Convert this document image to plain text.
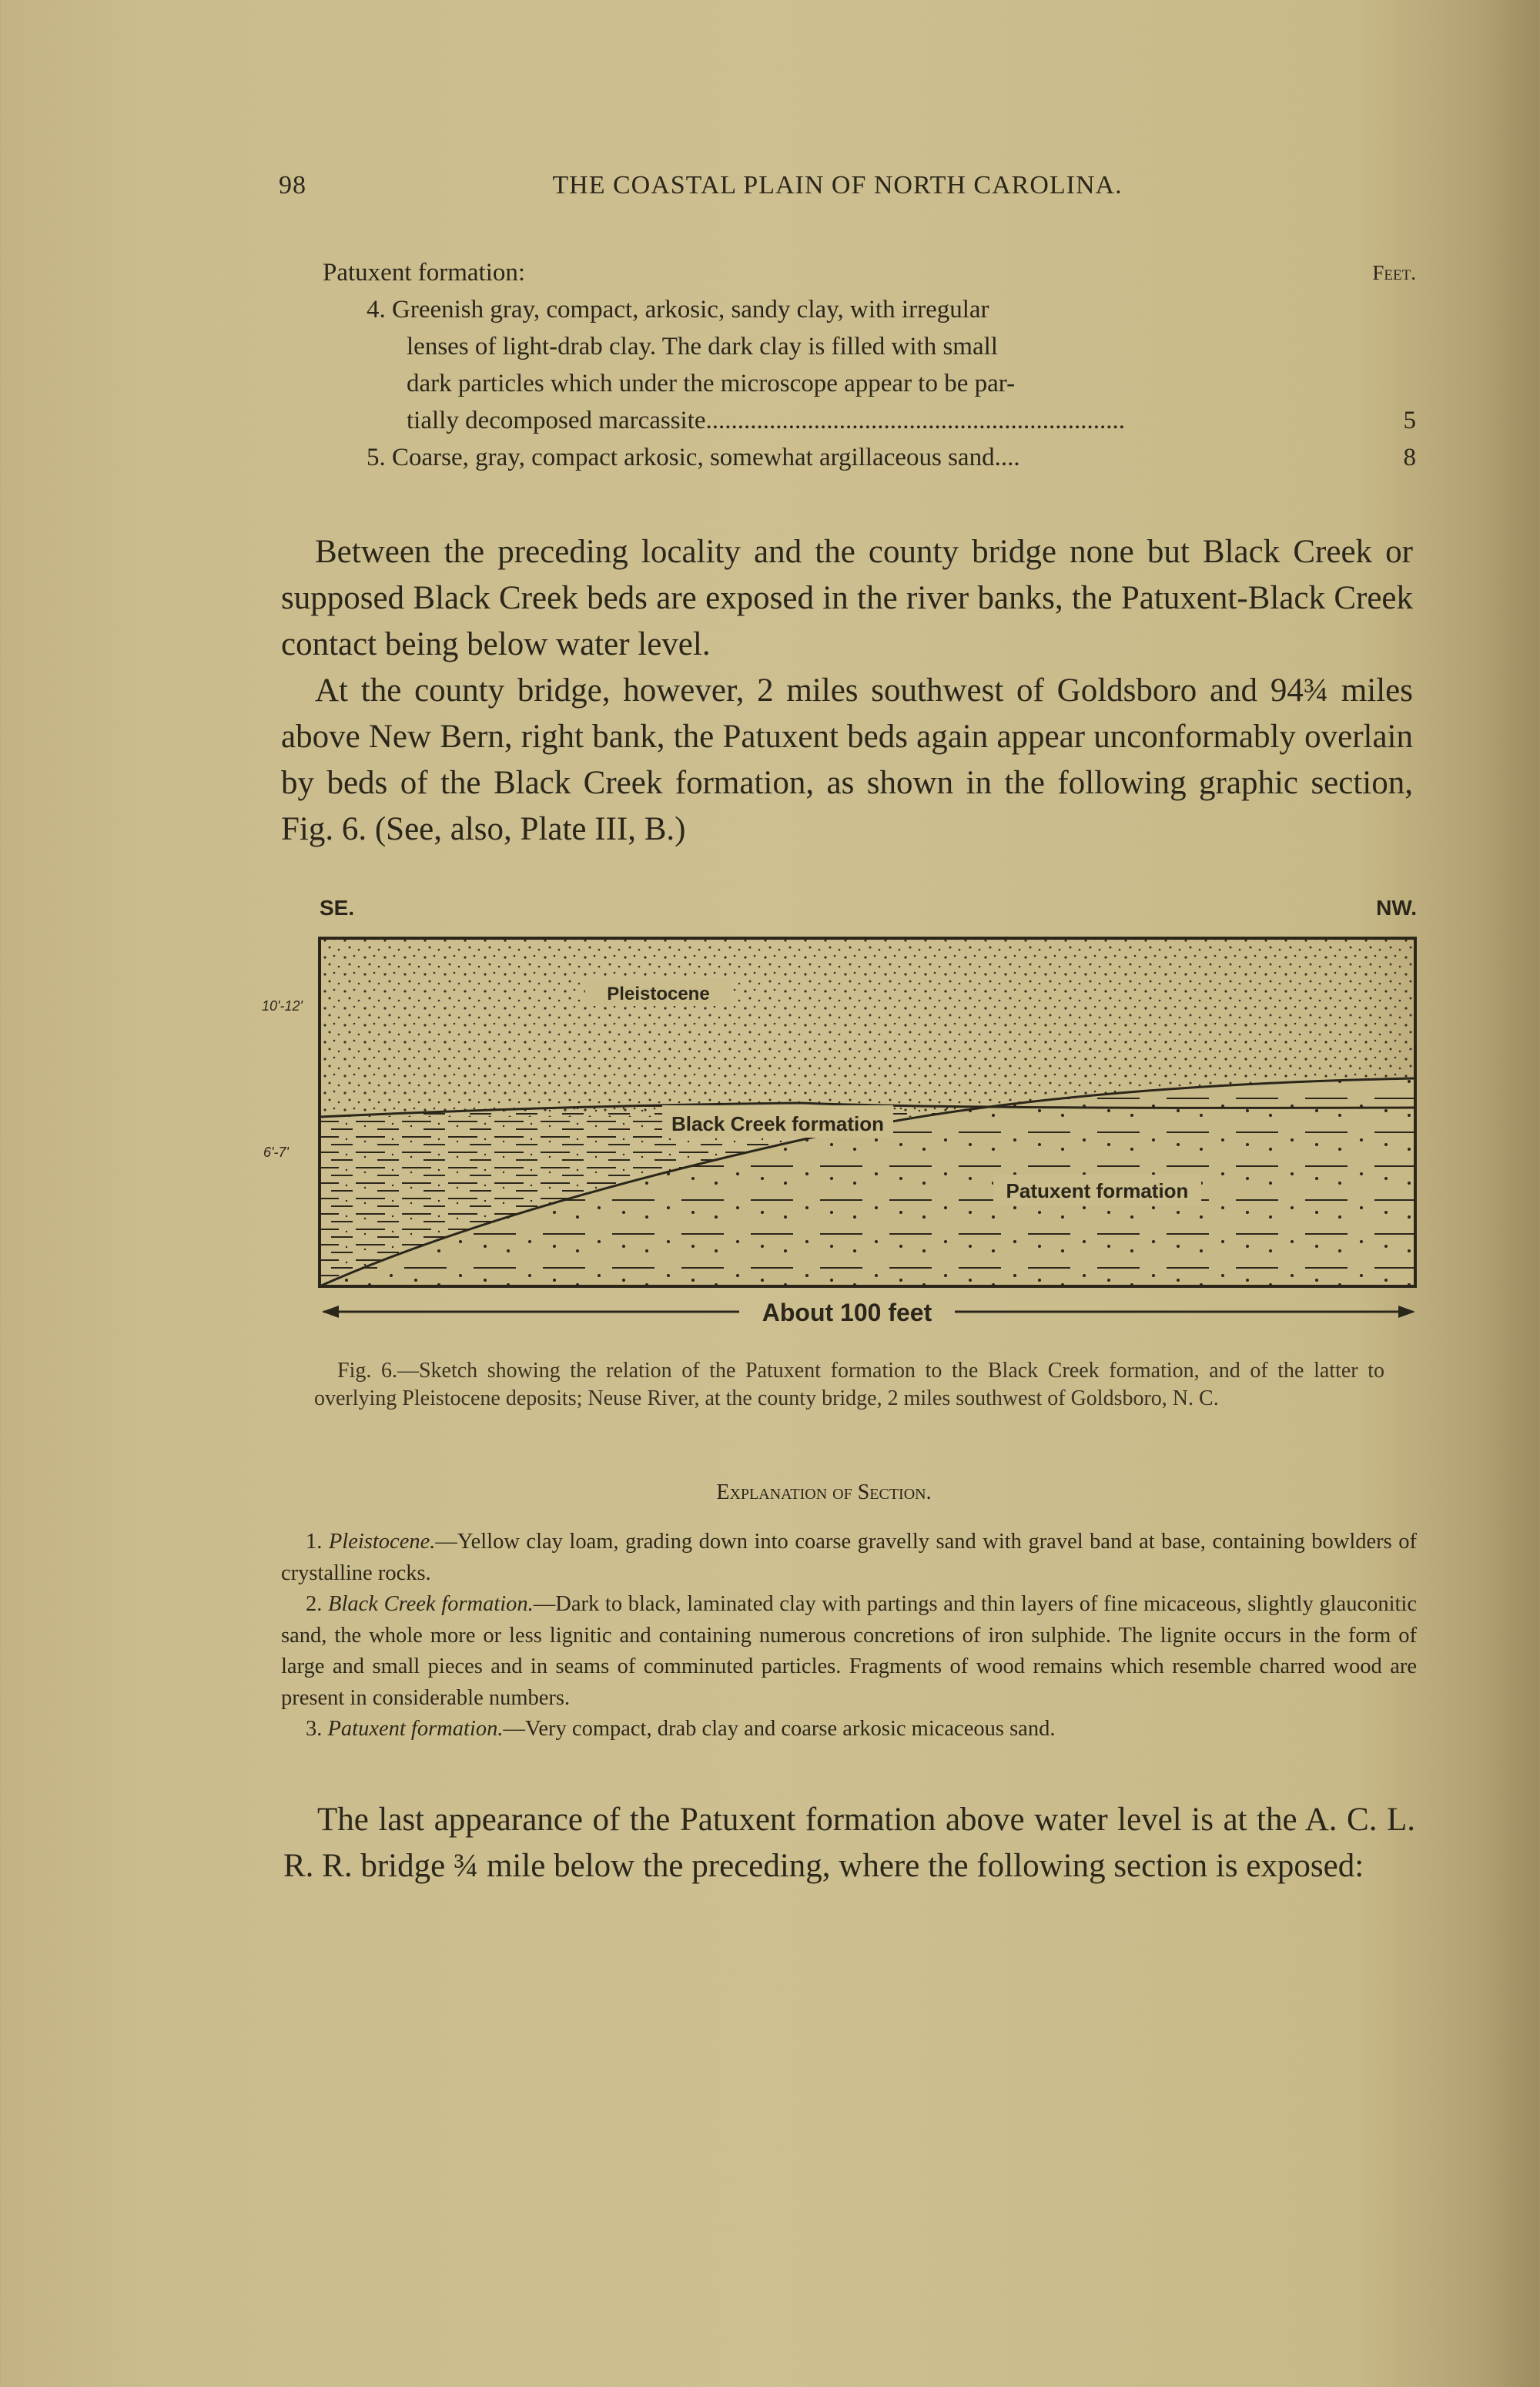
98	THE COASTAL PLAIN OF NORTH CAROLINA.
Patuxent formation:	Feet.
4. Greenish gray, compact, arkosic, sandy clay, with irregular
lenses of light-drab clay. The dark clay is filled with small
dark particles which under the microscope appear to be par-
tially decomposed marcassite ..................................................................	5
5. Coarse, gray, compact arkosic, somewhat argillaceous sand....	8

Between the preceding locality and the county bridge none but Black Creek or supposed Black Creek beds are exposed in the river banks, the Patuxent-Black Creek contact being below water level.

At the county bridge, however, 2 miles southwest of Goldsboro and 94¾ miles above New Bern, right bank, the Patuxent beds again appear unconformably overlain by beds of the Black Creek formation, as shown in the following graphic section, Fig. 6. (See, also, Plate III, B.)

SE.	NW.
Pleistocene
Black Creek formation
Patuxent formation
10'-12'
6'-7'
About 100 feet
Fig. 6.—Sketch showing the relation of the Patuxent formation to the Black Creek formation, and of the latter to overlying Pleistocene deposits; Neuse River, at the county bridge, 2 miles southwest of Goldsboro, N. C.
Explanation of Section.

1. Pleistocene.—Yellow clay loam, grading down into coarse gravelly sand with gravel band at base, containing bowlders of crystalline rocks.

2. Black Creek formation.—Dark to black, laminated clay with partings and thin layers of fine micaceous, slightly glauconitic sand, the whole more or less lignitic and containing numerous concretions of iron sulphide. The lignite occurs in the form of large and small pieces and in seams of comminuted particles. Fragments of wood remains which resemble charred wood are present in considerable numbers.

3. Patuxent formation.—Very compact, drab clay and coarse arkosic micaceous sand.

The last appearance of the Patuxent formation above water level is at the A. C. L. R. R. bridge ¾ mile below the preceding, where the following section is exposed:
